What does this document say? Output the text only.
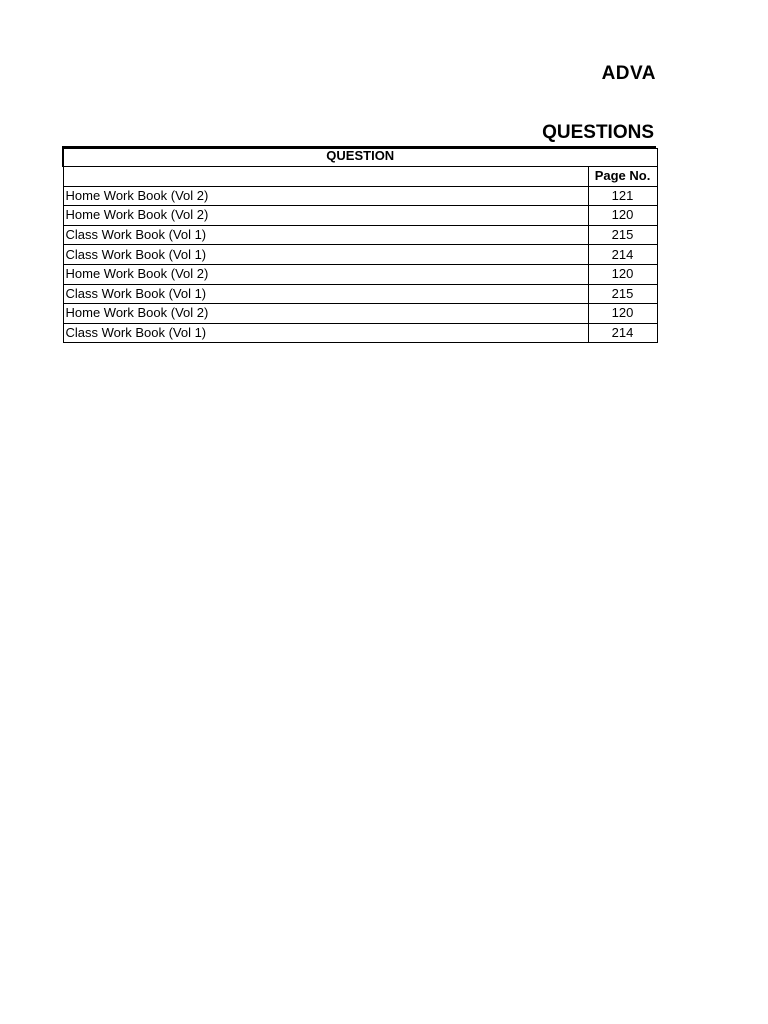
ADVA
QUESTIONS
QUESTION	
	Page No.
Home Work Book (Vol 2)	121
Home Work Book (Vol 2)	120
Class Work Book (Vol 1)	215
Class Work Book (Vol 1)	214
Home Work Book (Vol 2)	120
Class Work Book (Vol 1)	215
Home Work Book (Vol 2)	120
Class Work Book (Vol 1)	214
